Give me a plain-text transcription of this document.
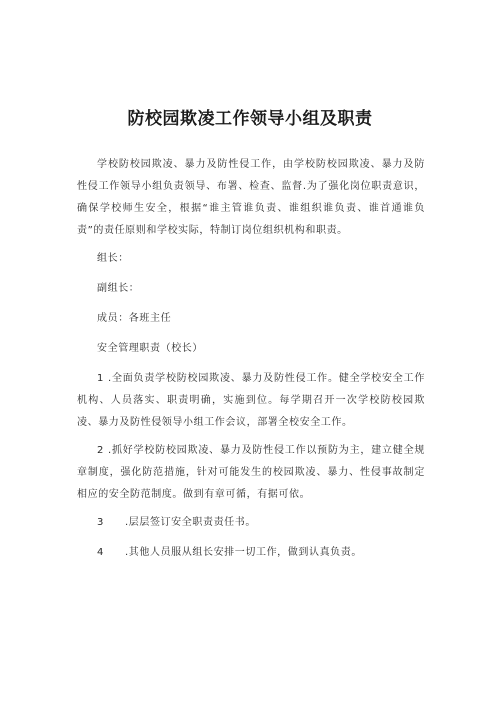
防校园欺凌工作领导小组及职责

学校防校园欺凌、暴力及防性侵工作，由学校防校园欺凌、暴力及防性侵工作领导小组负责领导、布署、检查、监督.为了强化岗位职责意识，确保学校师生安全，根据“谁主管谁负责、谁组织谁负责、谁首通谁负责”的责任原则和学校实际，特制订岗位组织机构和职责。

组长：

副组长：

成员：各班主任

安全管理职责（校长）

1 .全面负责学校防校园欺凌、暴力及防性侵工作。健全学校安全工作机构、人员落实、职责明确，实施到位。每学期召开一次学校防校园欺凌、暴力及防性侵领导小组工作会议，部署全校安全工作。

2 .抓好学校防校园欺凌、暴力及防性侵工作以预防为主，建立健全规章制度，强化防范措施，针对可能发生的校园欺凌、暴力、性侵事故制定相应的安全防范制度。做到有章可循，有据可依。

3 .层层签订安全职责责任书。

4 .其他人员服从组长安排一切工作，做到认真负责。
